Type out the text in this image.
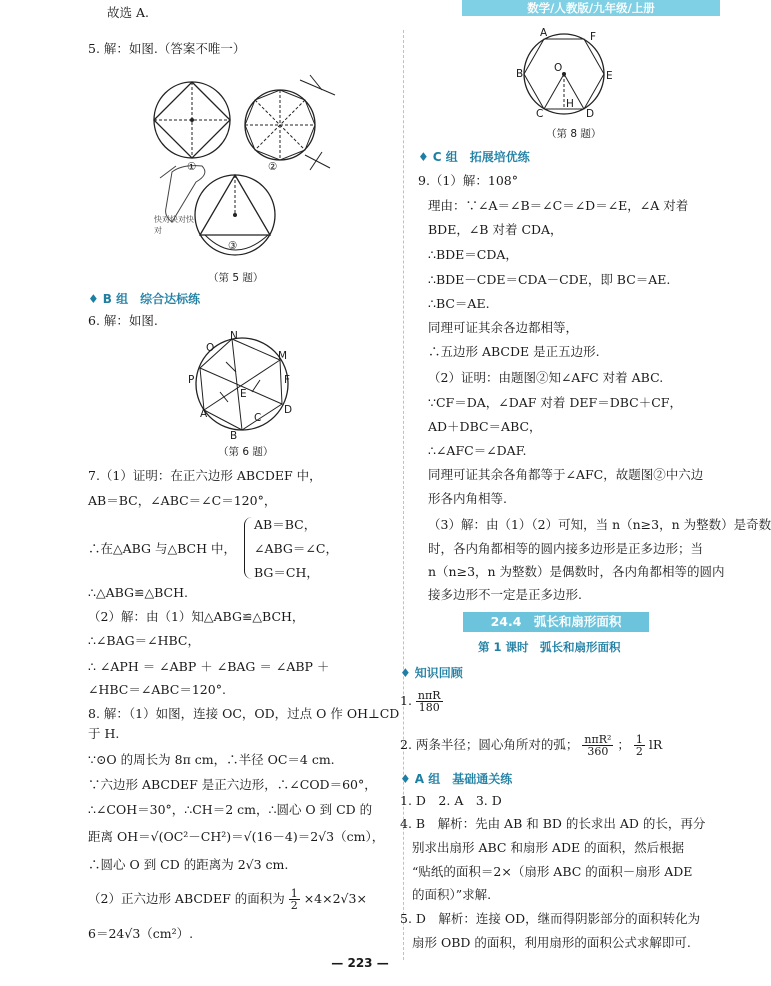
数学/人教版/九年级/上册
故选 A.
5. 解：如图.（答案不唯一）
①	②
③
快对快对快对
（第 5 题）
♦ B 组　综合达标练
6. 解：如图.
N
O
M
P	F
E
A	D
C
B
（第 6 题）
7.（1）证明：在正六边形 ABCDEF 中，
AB＝BC，∠ABC＝∠C＝120°，
∴在△ABG 与△BCH 中，
AB＝BC，
∠ABG＝∠C，
BG＝CH，
∴△ABG≌△BCH.
（2）解：由（1）知△ABG≌△BCH，
∴∠BAG＝∠HBC，
∴ ∠APH ＝ ∠ABP ＋ ∠BAG ＝ ∠ABP ＋
∠HBC＝∠ABC＝120°.
8. 解：（1）如图，连接 OC，OD，过点 O 作 OH⊥CD
于 H.
∵⊙O 的周长为 8π cm，∴半径 OC＝4 cm.
∵六边形 ABCDEF 是正六边形，∴∠COD＝60°，
∴∠COH＝30°，∴CH＝2 cm，∴圆心 O 到 CD 的
距离 OH＝√(OC²－CH²)＝√(16－4)＝2√3（cm），
∴圆心 O 到 CD 的距离为 2√3 cm.
（2）正六边形 ABCDEF 的面积为 $\frac{1}{2} \times 4\times 2√3\times$
6＝24√3（cm²）.
A	F
B	O
E
C
H
D
（第 8 题）
♦ C 组　拓展培优练
9.（1）解：108°
理由：∵∠A＝∠B＝∠C＝∠D＝∠E，∠A 对着
BDE，∠B 对着 CDA，
∴BDE＝CDA，
∴BDE－CDE＝CDA－CDE，即 BC＝AE.
∴BC＝AE.
同理可证其余各边都相等，
∴五边形 ABCDE 是正五边形.
（2）证明：由题图②知∠AFC 对着 ABC.
∵CF＝DA，∠DAF 对着 DEF＝DBC＋CF，
AD＋DBC＝ABC，
∴∠AFC＝∠DAF.
同理可证其余各角都等于∠AFC，故题图②中六边
形各内角相等.
（3）解：由（1）（2）可知，当 n（n≥3，n 为整数）是奇数
时，各内角都相等的圆内接多边形是正多边形；当
n（n≥3，n 为整数）是偶数时，各内角都相等的圆内
接多边形不一定是正多边形.
24.4　弧长和扇形面积
第 1 课时　弧长和扇形面积
♦ 知识回顾
1. $\frac{\text{nπR}}{180}$
2. 两条半径；圆心角所对的弧； $\frac{\text{nπR²}}{360}$ ； $\frac{1}{2}$ lR
♦ A 组　基础通关练
1. D　2. A　3. D
4. B　解析：先由 AB 和 BD 的长求出 AD 的长，再分
别求出扇形 ABC 和扇形 ADE 的面积，然后根据
“贴纸的面积＝2×（扇形 ABC 的面积－扇形 ADE
的面积）”求解.
5. D　解析：连接 OD，继而得阴影部分的面积转化为
扇形 OBD 的面积，利用扇形的面积公式求解即可.
— 223 —
